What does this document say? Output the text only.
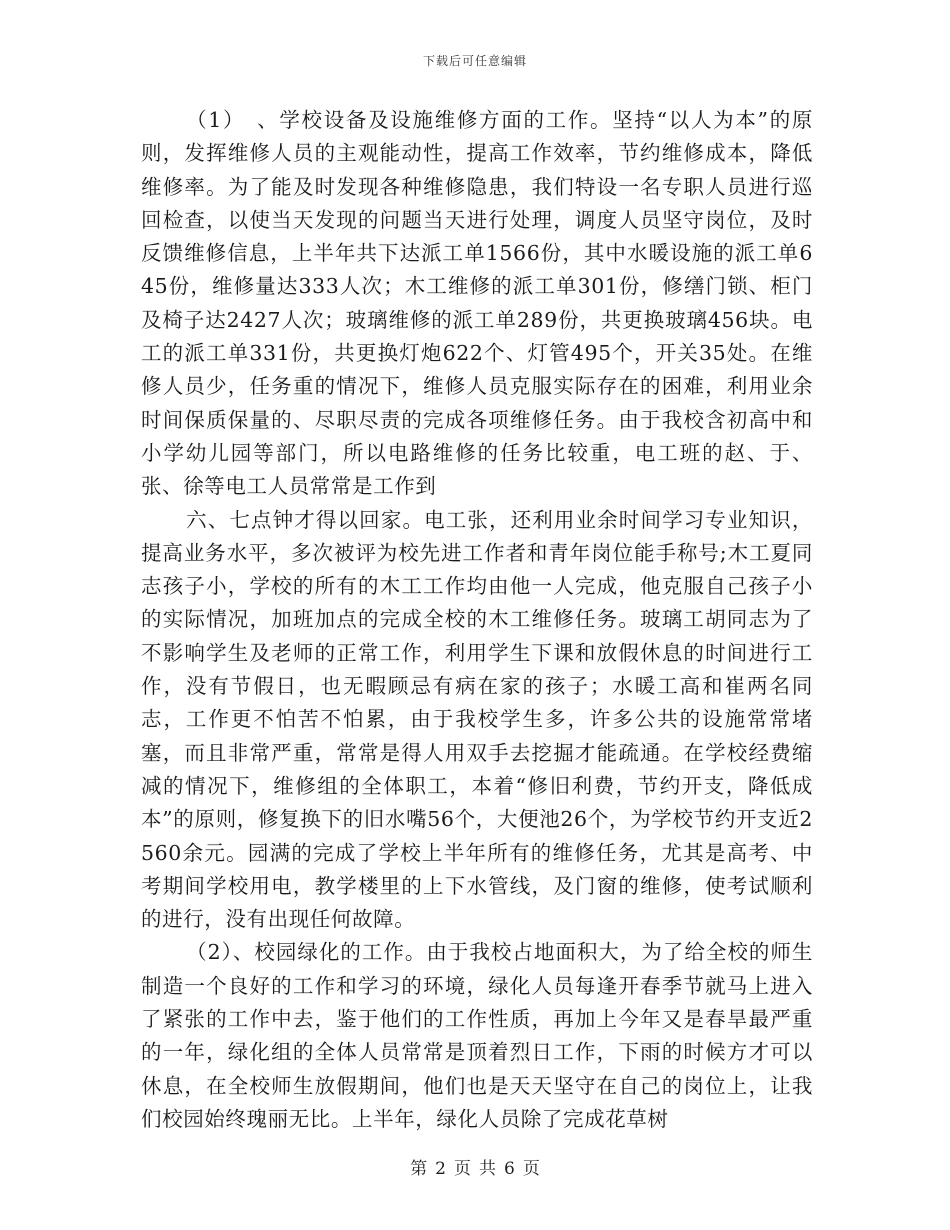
下载后可任意编辑

（1）　、学校设备及设施维修方面的工作。坚持“以人为本”的原则，发挥维修人员的主观能动性，提高工作效率，节约维修成本，降低维修率。为了能及时发现各种维修隐患，我们特设一名专职人员进行巡回检查，以使当天发现的问题当天进行处理，调度人员坚守岗位，及时反馈维修信息，上半年共下达派工单1566份，其中水暖设施的派工单645份，维修量达333人次；木工维修的派工单301份，修缮门锁、柜门及椅子达2427人次；玻璃维修的派工单289份，共更换玻璃456块。电工的派工单331份，共更换灯炮622个、灯管495个，开关35处。在维修人员少，任务重的情况下，维修人员克服实际存在的困难，利用业余时间保质保量的、尽职尽责的完成各项维修任务。由于我校含初高中和小学幼儿园等部门，所以电路维修的任务比较重，电工班的赵、于、张、徐等电工人员常常是工作到

六、七点钟才得以回家。电工张，还利用业余时间学习专业知识，提高业务水平，多次被评为校先进工作者和青年岗位能手称号;木工夏同志孩子小，学校的所有的木工工作均由他一人完成，他克服自己孩子小的实际情况，加班加点的完成全校的木工维修任务。玻璃工胡同志为了不影响学生及老师的正常工作，利用学生下课和放假休息的时间进行工作，没有节假日，也无暇顾忌有病在家的孩子；水暖工高和崔两名同志，工作更不怕苦不怕累，由于我校学生多，许多公共的设施常常堵塞，而且非常严重，常常是得人用双手去挖掘才能疏通。在学校经费缩减的情况下，维修组的全体职工，本着“修旧利费，节约开支，降低成本”的原则，修复换下的旧水嘴56个，大便池26个，为学校节约开支近2560余元。园满的完成了学校上半年所有的维修任务，尤其是高考、中考期间学校用电，教学楼里的上下水管线，及门窗的维修，使考试顺利的进行，没有出现任何故障。

（2）、校园绿化的工作。由于我校占地面积大，为了给全校的师生制造一个良好的工作和学习的环境，绿化人员每逢开春季节就马上进入了紧张的工作中去，鉴于他们的工作性质，再加上今年又是春旱最严重的一年，绿化组的全体人员常常是顶着烈日工作，下雨的时候方才可以休息，在全校师生放假期间，他们也是天天坚守在自己的岗位上，让我们校园始终瑰丽无比。上半年，绿化人员除了完成花草树

第 2 页 共 6 页
